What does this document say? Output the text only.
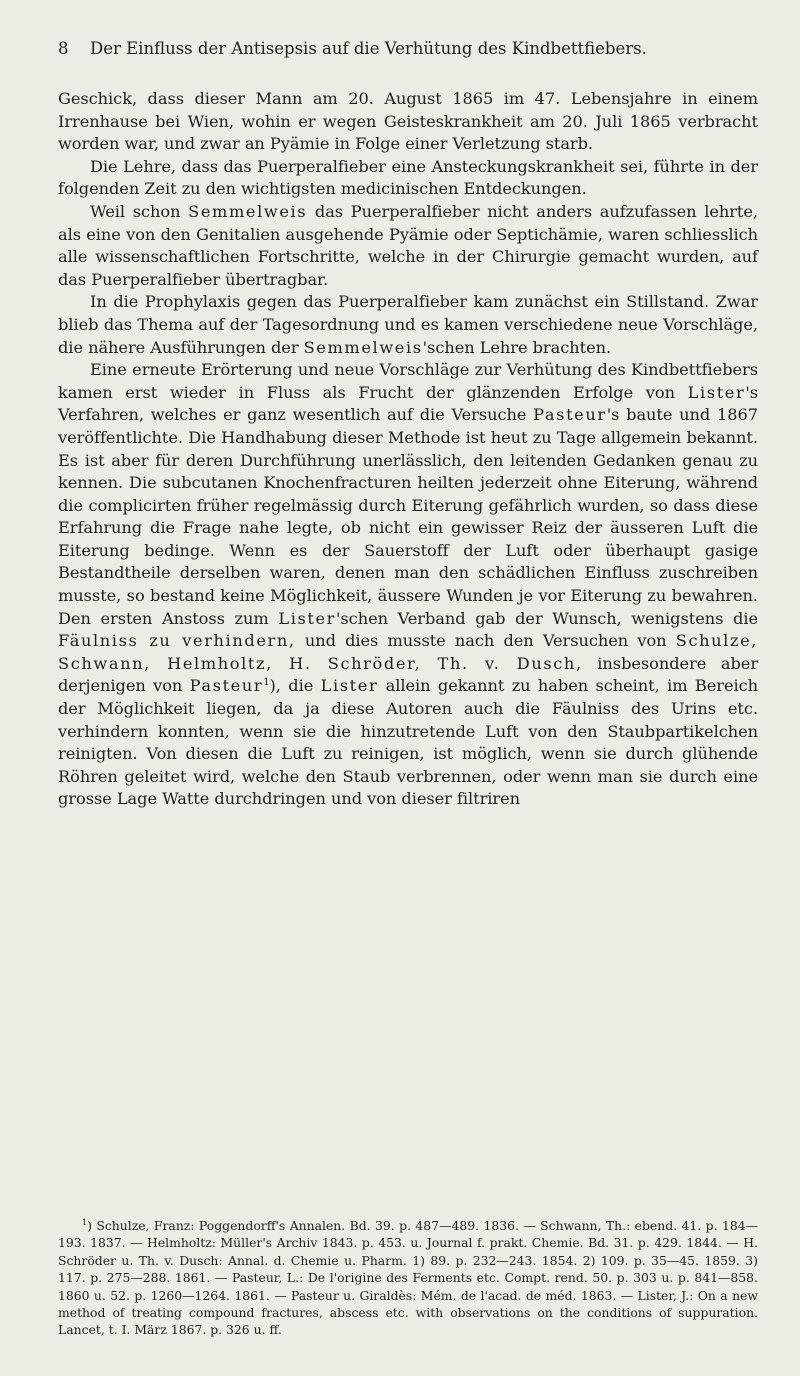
8 Der Einfluss der Antisepsis auf die Verhütung des Kindbettfiebers.

Geschick, dass dieser Mann am 20. August 1865 im 47. Lebensjahre in einem Irrenhause bei Wien, wohin er wegen Geisteskrankheit am 20. Juli 1865 verbracht worden war, und zwar an Pyämie in Folge einer Verletzung starb.

Die Lehre, dass das Puerperalfieber eine Ansteckungskrankheit sei, führte in der folgenden Zeit zu den wichtigsten medicinischen Entdeckungen.

Weil schon Semmelweis das Puerperalfieber nicht anders aufzufassen lehrte, als eine von den Genitalien ausgehende Pyämie oder Septichämie, waren schliesslich alle wissenschaftlichen Fortschritte, welche in der Chirurgie gemacht wurden, auf das Puerperalfieber übertragbar.

In die Prophylaxis gegen das Puerperalfieber kam zunächst ein Stillstand. Zwar blieb das Thema auf der Tagesordnung und es kamen verschiedene neue Vorschläge, die nähere Ausführungen der Semmelweis'schen Lehre brachten.

Eine erneute Erörterung und neue Vorschläge zur Verhütung des Kindbettfiebers kamen erst wieder in Fluss als Frucht der glänzenden Erfolge von Lister's Verfahren, welches er ganz wesentlich auf die Versuche Pasteur's baute und 1867 veröffentlichte. Die Handhabung dieser Methode ist heut zu Tage allgemein bekannt. Es ist aber für deren Durchführung unerlässlich, den leitenden Gedanken genau zu kennen. Die subcutanen Knochenfracturen heilten jederzeit ohne Eiterung, während die complicirten früher regelmässig durch Eiterung gefährlich wurden, so dass diese Erfahrung die Frage nahe legte, ob nicht ein gewisser Reiz der äusseren Luft die Eiterung bedinge. Wenn es der Sauerstoff der Luft oder überhaupt gasige Bestandtheile derselben waren, denen man den schädlichen Einfluss zuschreiben musste, so bestand keine Möglichkeit, äussere Wunden je vor Eiterung zu bewahren. Den ersten Anstoss zum Lister'schen Verband gab der Wunsch, wenigstens die Fäulniss zu verhindern, und dies musste nach den Versuchen von Schulze, Schwann, Helmholtz, H. Schröder, Th. v. Dusch, insbesondere aber derjenigen von Pasteur$^1$), die Lister allein gekannt zu haben scheint, im Bereich der Möglichkeit liegen, da ja diese Autoren auch die Fäulniss des Urins etc. verhindern konnten, wenn sie die hinzutretende Luft von den Staubpartikelchen reinigten. Von diesen die Luft zu reinigen, ist möglich, wenn sie durch glühende Röhren geleitet wird, welche den Staub verbrennen, oder wenn man sie durch eine grosse Lage Watte durchdringen und von dieser filtriren

$^1$) Schulze, Franz: Poggendorff's Annalen. Bd. 39. p. 487—489. 1836. — Schwann, Th.: ebend. 41. p. 184—193. 1837. — Helmholtz: Müller's Archiv 1843. p. 453. u. Journal f. prakt. Chemie. Bd. 31. p. 429. 1844. — H. Schröder u. Th. v. Dusch: Annal. d. Chemie u. Pharm. 1) 89. p. 232—243. 1854. 2) 109. p. 35—45. 1859. 3) 117. p. 275—288. 1861. — Pasteur, L.: De l'origine des Ferments etc. Compt. rend. 50. p. 303 u. p. 841—858. 1860 u. 52. p. 1260—1264. 1861. — Pasteur u. Giraldès: Mém. de l'acad. de méd. 1863. — Lister, J.: On a new method of treating compound fractures, abscess etc. with observations on the conditions of suppuration. Lancet, t. I. März 1867. p. 326 u. ff.
